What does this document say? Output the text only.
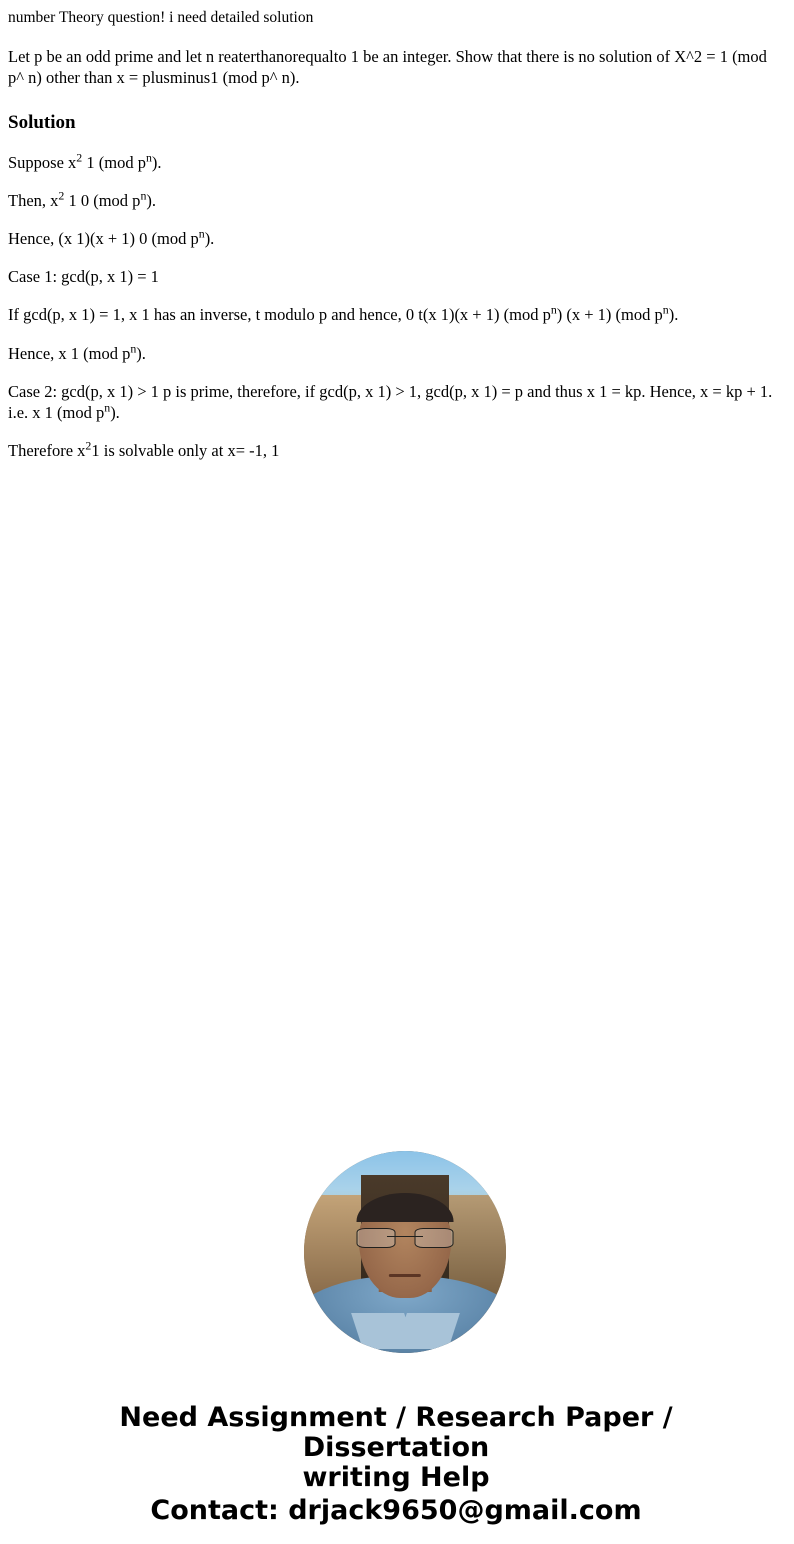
number Theory question! i need detailed solution

Let p be an odd prime and let n reaterthanorequalto 1 be an integer. Show that there is no solution of X^2 = 1 (mod p^ n) other than x = plusminus1 (mod p^ n).

Solution

Suppose $x^2$ 1 (mod $p^n$).

Then, $x^2$ 1 0 (mod $p^n$).

Hence, (x 1)(x + 1) 0 (mod $p^n$).

Case 1: gcd(p, x 1) = 1

If gcd(p, x 1) = 1, x 1 has an inverse, t modulo p and hence, 0 t(x 1)(x + 1) (mod $p^n$) (x + 1) (mod $p^n$).

Hence, x 1 (mod $p^n$).

Case 2: gcd(p, x 1) > 1 p is prime, therefore, if gcd(p, x 1) > 1, gcd(p, x 1) = p and thus x 1 = kp. Hence, x = kp + 1. i.e. x 1 (mod $p^n$).

Therefore $x^21$ is solvable only at x= -1, 1

Need Assignment / Research Paper / Dissertation
writing Help
Contact: drjack9650@gmail.com
